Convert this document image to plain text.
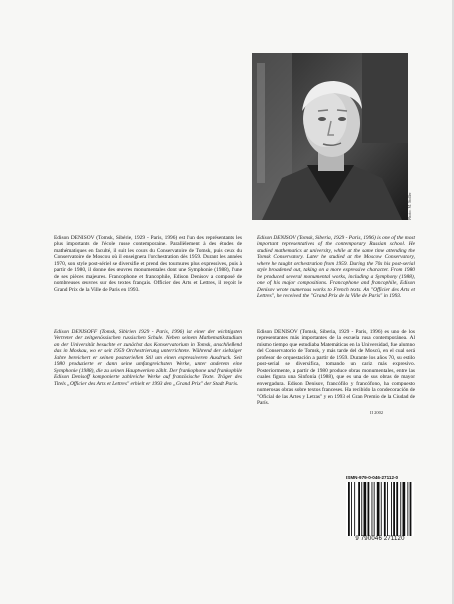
Photo: M. Stoller
Edison DENISOV (Tomsk, Sibérie, 1929 - Paris, 1996) est l'un des représentants les plus importants de l'école russe contemporaine. Parallèlement à des études de mathématiques en faculté, il suit les cours du Conservatoire de Tomsk, puis ceux du Conservatoire de Moscou où il enseignera l'orchestration dès 1959. Durant les années 1970, son style post-sériel se diversifie et prend des tournures plus expressives, puis à partir de 1980, il donne des œuvres monumentales dont une Symphonie (1988), l'une de ses pièces majeures. Francophone et francophile, Edison Denisov a composé de nombreuses œuvres sur des textes français. Officier des Arts et Lettres, il reçoit le Grand Prix de la Ville de Paris en 1993.
Edison DENISOV (Tomsk, Siberia, 1929 - Paris, 1996) is one of the most important representatives of the contemporary Russian school. He studied mathematics at university, while at the same time attending the Tomsk Conservatory. Later he studied at the Moscow Conservatory, where he taught orchestration from 1959. During the 70s his post-serial style broadened out, taking on a more expressive character. From 1980 he produced several monumental works, including a Symphony (1988), one of his major compositions. Francophone and francophile, Edison Denisov wrote numerous works to French texts. An "Officier des Arts et Lettres", he received the "Grand Prix de la Ville de Paris" in 1993.
Edison DENISOFF (Tomsk, Sibirien 1929 - Paris, 1996) ist einer der wichtigsten Vertreter der zeitgenössischen russischen Schule. Neben seinem Mathematikstudium an der Universität besuchte er zunächst das Konservatorium in Tomsk, anschließend das in Moskau, wo er seit 1959 Orchestrierung unterrichtete. Während der siebziger Jahre bereichert er seinen postseriellen Stil um einen expressiveren Ausdruck. Seit 1980 produzierte er dann seine umfangreichsten Werke, unter anderem eine Symphonie (1988), die zu seinen Hauptwerken zählt. Der frankophone und frankophile Edison Denisoff komponierte zahlreiche Werke auf französische Texte. Träger des Titels „Officier des Arts et Lettres" erhielt er 1993 den „Grand Prix" der Stadt Paris.
Edison DENISOV (Tomsk, Siberia, 1929 - Paris, 1996) es uno de los representantes más importantes de la escuela rusa contemporánea. Al mismo tiempo que estudiaba Matemáticas en la Universidad, fue alumno del Conservatorio de Tomsk, y más tarde del de Moscú, en el cual será profesor de orquestación a partir de 1959. Durante los años 70, su estilo post-serial se diversifica, tomando un cariz más expresivo. Posteriormente, a partir de 1980 produce obras monumentales, entre las cuales figura una Sinfonía (1988), que es una de sus obras de mayor envergadura. Edison Denisov, francófilo y francófono, ha compuesto numerosas obras sobre textos franceses. Ha recibido la condecoración de "Oficial de las Artes y Letras" y en 1993 el Gran Premio de la Ciudad de París.
II 2002
ISMN-979-0-046-27112-0
9 790046 271120
